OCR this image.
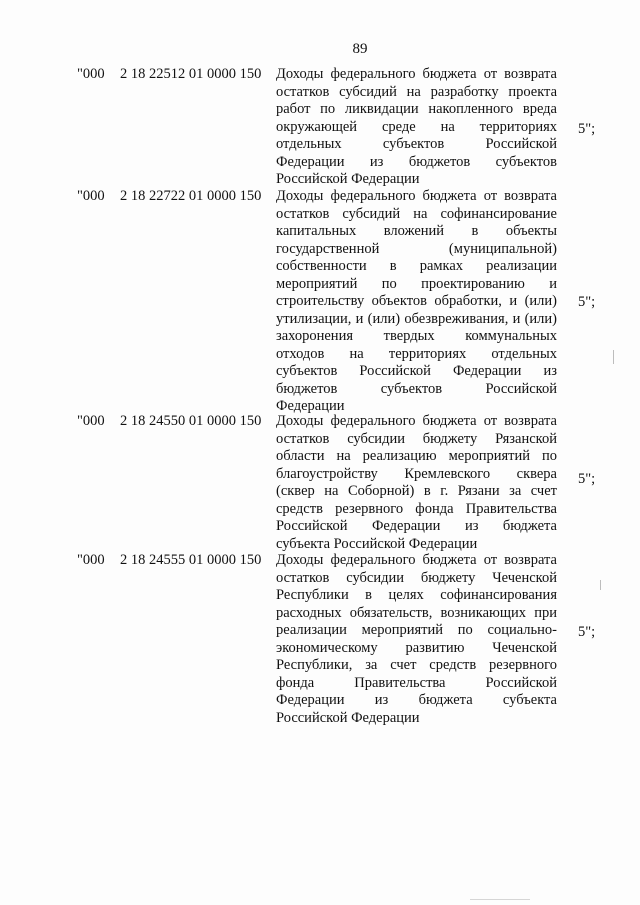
89
"000 2 18 22512 01 0000 150 Доходы федерального бюджета от возврата
остатков субсидий на разработку проекта
работ по ликвидации накопленного вреда
окружающей среде на территориях
отдельных субъектов Российской
Федерации из бюджетов субъектов
Российской Федерации
5";
"000 2 18 22722 01 0000 150 Доходы федерального бюджета от возврата
остатков субсидий на софинансирование
капитальных вложений в объекты
государственной (муниципальной)
собственности в рамках реализации
мероприятий по проектированию и
строительству объектов обработки, и (или)
утилизации, и (или) обезвреживания, и (или)
захоронения твердых коммунальных
отходов на территориях отдельных
субъектов Российской Федерации из
бюджетов субъектов Российской
Федерации
5";
"000 2 18 24550 01 0000 150 Доходы федерального бюджета от возврата
остатков субсидии бюджету Рязанской
области на реализацию мероприятий по
благоустройству Кремлевского сквера
(сквер на Соборной) в г. Рязани за счет
средств резервного фонда Правительства
Российской Федерации из бюджета
субъекта Российской Федерации
5";
"000 2 18 24555 01 0000 150 Доходы федерального бюджета от возврата
остатков субсидии бюджету Чеченской
Республики в целях софинансирования
расходных обязательств, возникающих при
реализации мероприятий по социально-
экономическому развитию Чеченской
Республики, за счет средств резервного
фонда Правительства Российской
Федерации из бюджета субъекта
Российской Федерации
5";
